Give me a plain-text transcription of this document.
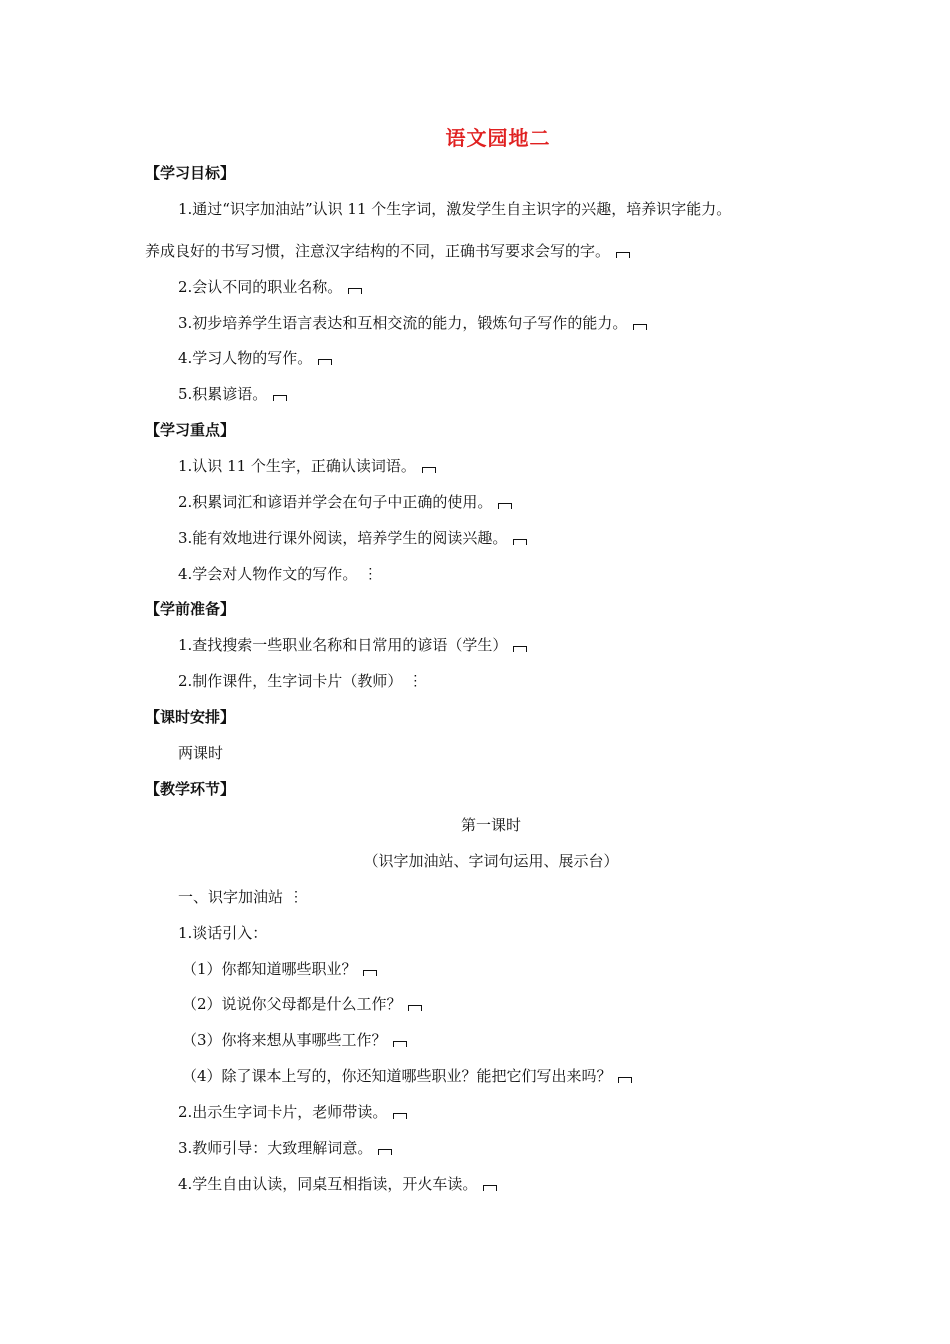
语文园地二
【学习目标】
1.通过“识字加油站”认识 11 个生字词，激发学生自主识字的兴趣，培养识字能力。
养成良好的书写习惯，注意汉字结构的不同，正确书写要求会写的字。
2.会认不同的职业名称。
3.初步培养学生语言表达和互相交流的能力，锻炼句子写作的能力。
4.学习人物的写作。
5.积累谚语。
【学习重点】
1.认识 11 个生字，正确认读词语。
2.积累词汇和谚语并学会在句子中正确的使用。
3.能有效地进行课外阅读，培养学生的阅读兴趣。
4.学会对人物作文的写作。 ⋮
【学前准备】
1.查找搜索一些职业名称和日常用的谚语（学生）
2.制作课件，生字词卡片（教师） ⋮
【课时安排】
两课时
【教学环节】
第一课时
（识字加油站、字词句运用、展示台）
一、识字加油站 ⋮
1.谈话引入：
（1）你都知道哪些职业？
（2）说说你父母都是什么工作？
（3）你将来想从事哪些工作？
（4）除了课本上写的，你还知道哪些职业？能把它们写出来吗？
2.出示生字词卡片，老师带读。
3.教师引导：大致理解词意。
4.学生自由认读，同桌互相指读，开火车读。
